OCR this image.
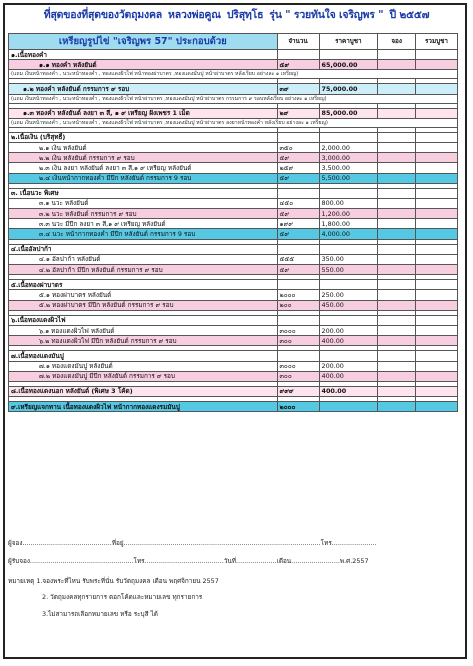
ที่สุดของที่สุดของวัตถุมงคล หลวงพ่อคูณ ปริสุทฺโธ รุ่น " รวยทันใจ เจริญพร " ปี ๒๕๕๗
เหรียญรูปไข่ "เจริญพร 57" ประกอบด้วย	จำนวน	ราคาบูชา	จอง	รวมบูชา
๑.เนื้อทองคำ				
๑.๑ ทองคำ หลังยันต์	๕๙	65,000.00		
(แถม เงินหน้าทองคำ , นวะหน้าทองคำ , ทองแดงผิวไฟ หน้าทองผ่าบาตร ,ทองแดงมันปู หน้าผ่าบาตร หลังเรียบ อย่างละ ๑ เหรียญ)				

๑.๒ ทองคำ หลังยันต์ กรรมการ ๙ รอบ	๓๙	75,000.00		
(แถม เงินหน้าทองคำ , นวะหน้าทองคำ , ทองแดงผิวไฟ หน้าผ่าบาตร ,ทองแดงมันปู หน้าผ่าบาตร กรรมการ ๙ รอบหลังเรียบ อย่างละ ๑ เหรียญ)				

๑.๓ ทองคำ หลังยันต์ ลงยา ๓ สี, ๑ ๙ เหรียญ ฝังเพชร 1 เม็ด	๒๙	85,000.00		
(แถม เงินหน้าทองคำ , นวะหน้าทองคำ , ทองแดงผิวไฟ หน้าผ่าบาตร ,ทองแดงมันปู หน้าผ่าบาตร ลงยาหน้าทองคำ หลังเรียบ อย่างละ ๑ เหรียญ)				

๒.เนื้อเงิน (บริสุทธิ์)				
๒.๑ เงิน หลังยันต์	๓๕๐	2,000.00		
๒.๒ เงิน หลังยันต์ กรรมการ ๙ รอบ	๕๙	3,000.00		
๒.๓ เงิน ลงยา หลังยันต์ ลงยา ๓ สี,๑ ๙ เหรียญ หลังยันต์	๒๕๙	3,500.00		
๒.๔ เงินหน้ากากทองคำ มีปีก หลังยันต์ กรรมการ 9 รอบ	๕๙	5,500.00		

๓. เนื้อนวะ พิเศษ				
๓.๑ นวะ หลังยันต์	๔๕๐	800.00		
๓.๒ นวะ หลังยันต์ กรรมการ ๙ รอบ	๕๙	1,200.00		
๓.๓ นวะ มีปีก ลงยา ๓ สี,๑ ๙ เหรียญ หลังยันต์	๑๙๙	1,800.00		
๓.๔ นวะ หน้ากากทองคำ มีปีก หลังยันต์ กรรมการ 9 รอบ	๕๙	4,000.00		

๔.เนื้ออัลปาก้า				
๔.๑ อัลปาก้า หลังยันต์	๕๕๕	350.00		
๔.๒ อัลปาก้า มีปีก หลังยันต์ กรรมการ ๙ รอบ	๕๙	550.00		

๕.เนื้อทองผ่าบาตร				
๕.๑ ทองผ่าบาตร หลังยันต์	๒๐๐๐	250.00		
๕.๒ ทองผ่าบาตร มีปีก หลังยันต์ กรรมการ ๙ รอบ	๒๐๐	450.00		

๖.เนื้อทองแดงผิวไฟ				
๖.๑ ทองแดงผิวไฟ หลังยันต์	๓๐๐๐	200.00		
๖.๒ ทองแดงผิวไฟ มีปีก หลังยันต์ กรรมการ ๙ รอบ	๓๐๐	400.00		

๗.เนื้อทองแดงมันปู				
๗.๑ ทองแดงมันปู หลังยันต์	๓๐๐๐	200.00		
๗.๒ ทองแดงมันปู มีปีก หลังยันต์ กรรมการ ๙ รอบ	๓๐๐	400.00		

๘.เนื้อทองแดงนอก หลังยันต์ (พิเศษ 3 โค้ด)	๙๙๙	400.00		

๙.เหรียญแจกทาน เนื้อทองแดงผิวไฟ หน้ากากทองแดงรมมันปู	๒๐๐๐			
ผู้จอง............................................ที่อยู่.................................................................................................โทร......................
ผู้รับจอง...................................................โทร.......................................วันที่....................เดือน........................พ.ศ.2557
หมายเหตุ 1.จองพระที่ไหน รับพระที่นั่น รับวัตถุมงคล เดือน พฤศจิกายน 2557
2. วัตถุมงคลทุกรายการ ตอกโค้ดและหมายเลข ทุกรายการ
3.ไม่สามารถเลือกหมายเลข หรือ ระบุสี ได้
